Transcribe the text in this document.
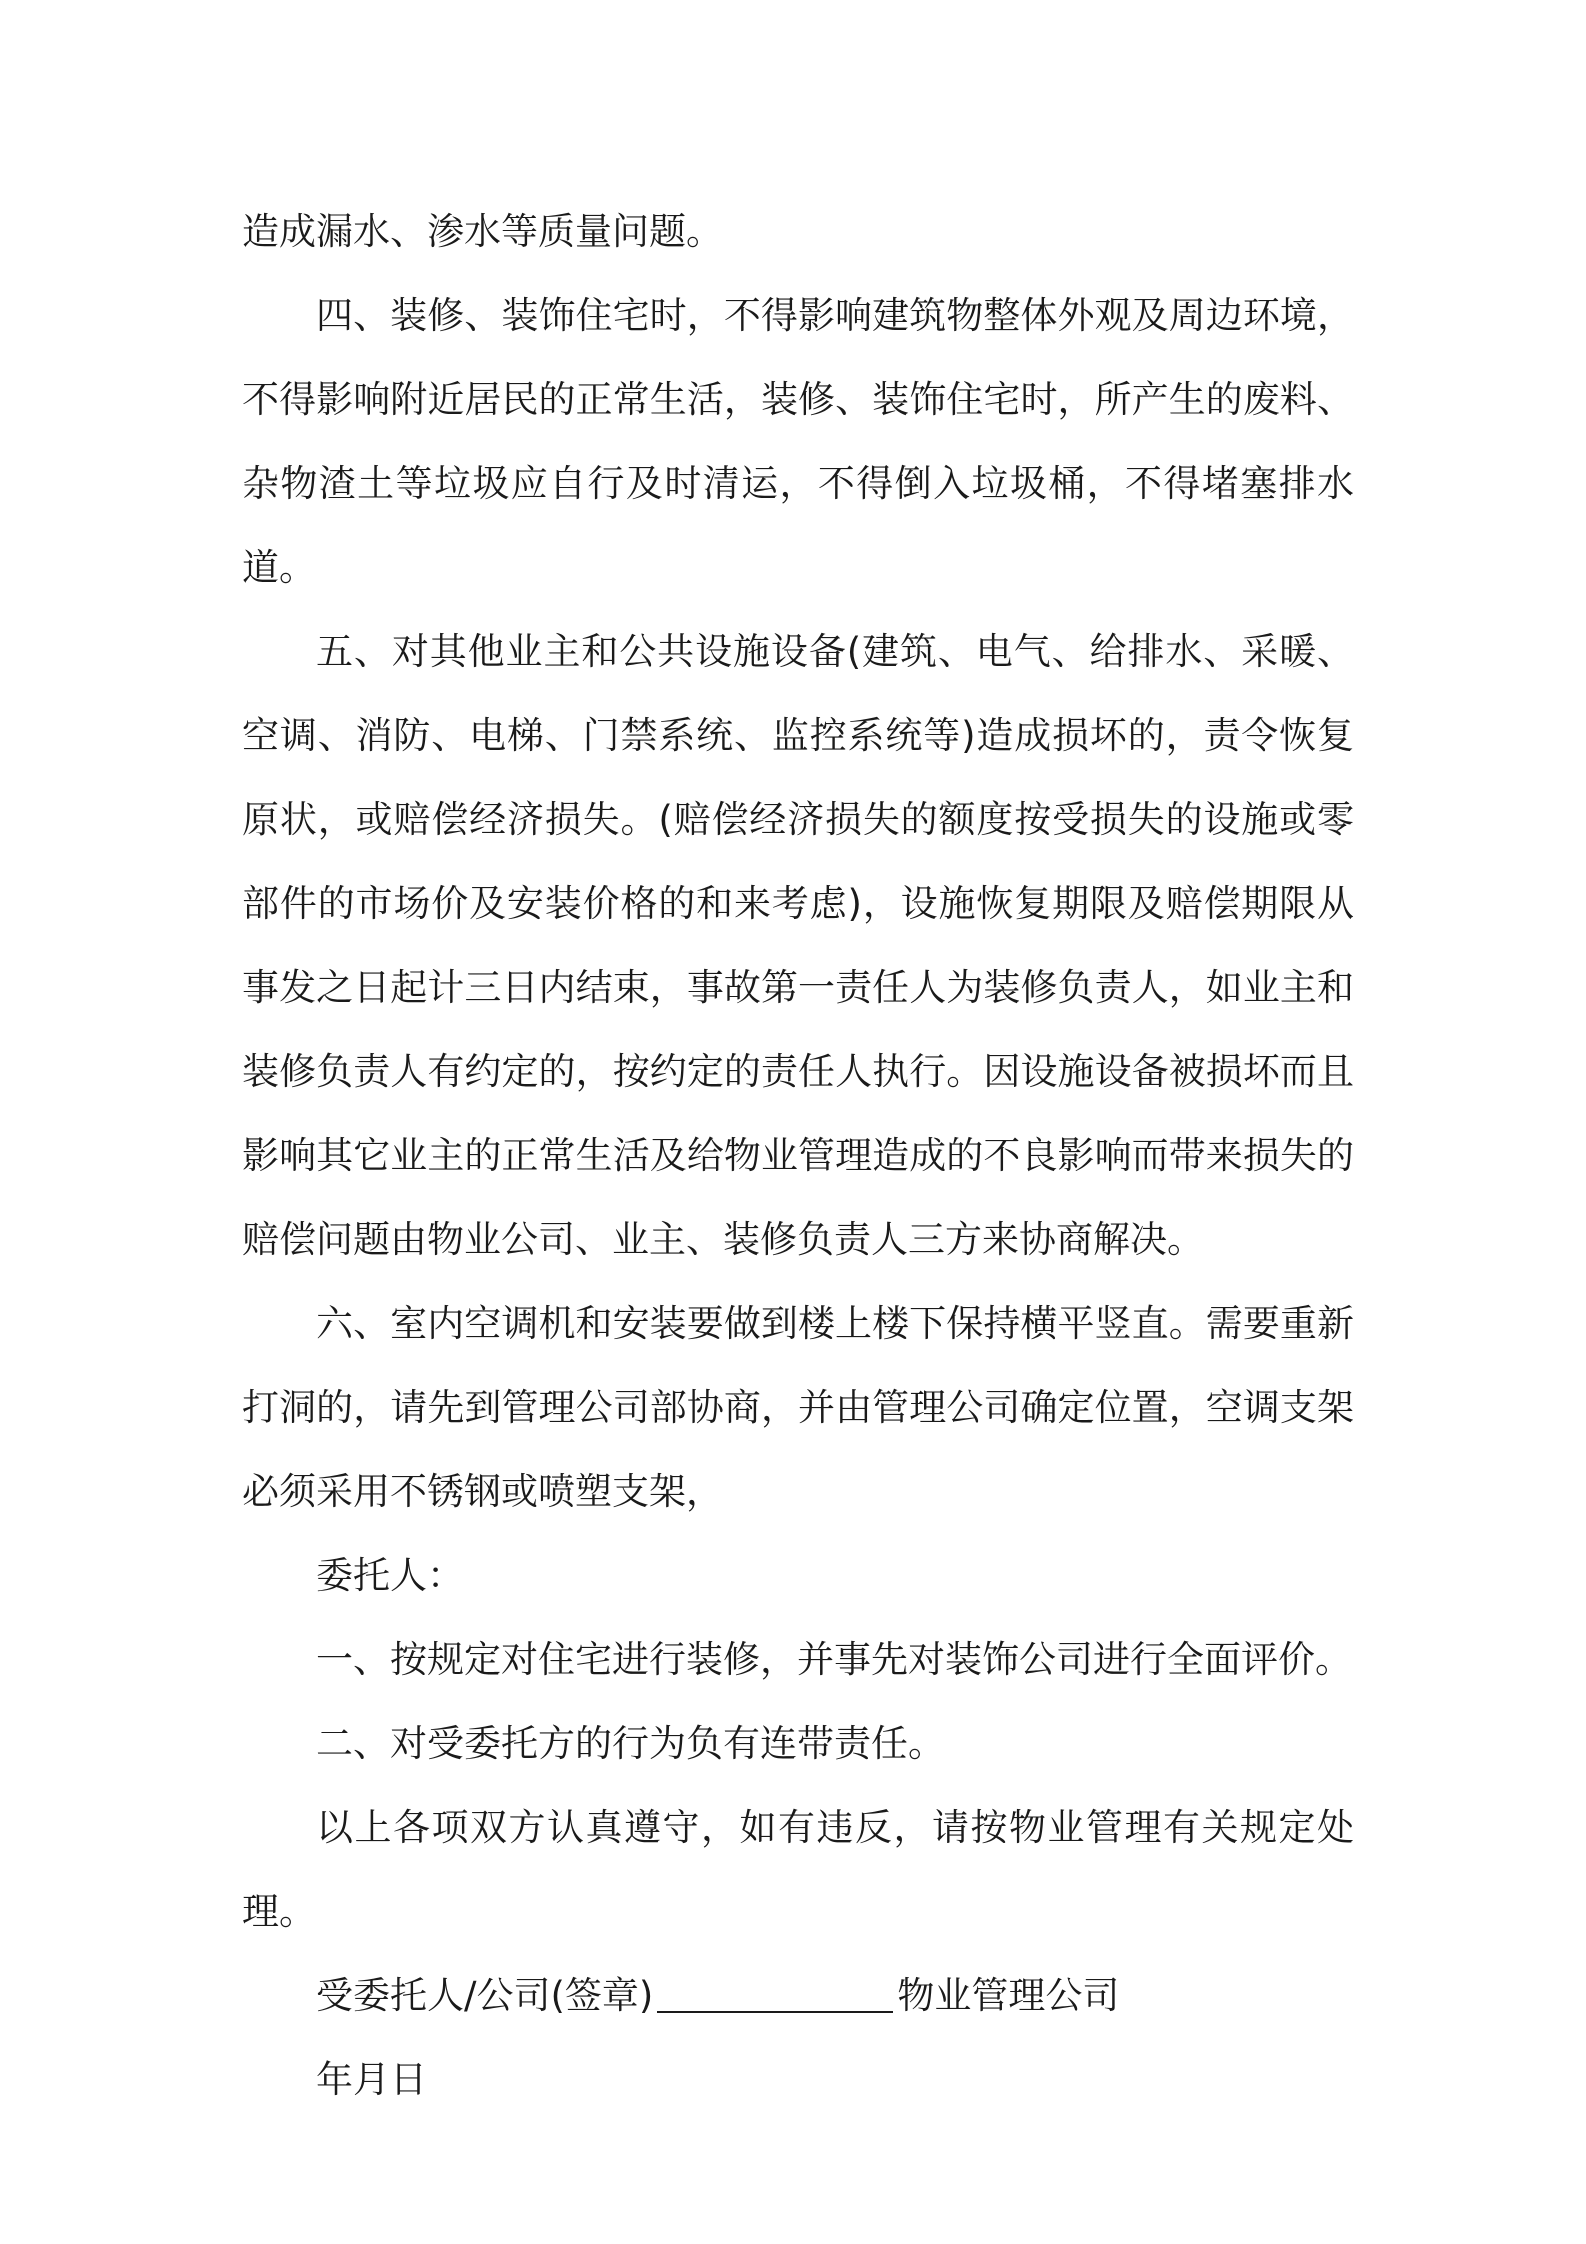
造成漏水、渗水等质量问题。

四、装修、装饰住宅时，不得影响建筑物整体外观及周边环境，不得影响附近居民的正常生活，装修、装饰住宅时，所产生的废料、杂物渣土等垃圾应自行及时清运，不得倒入垃圾桶，不得堵塞排水道。

五、对其他业主和公共设施设备(建筑、电气、给排水、采暖、空调、消防、电梯、门禁系统、监控系统等)造成损坏的，责令恢复原状，或赔偿经济损失。(赔偿经济损失的额度按受损失的设施或零部件的市场价及安装价格的和来考虑)，设施恢复期限及赔偿期限从事发之日起计三日内结束，事故第一责任人为装修负责人，如业主和装修负责人有约定的，按约定的责任人执行。因设施设备被损坏而且影响其它业主的正常生活及给物业管理造成的不良影响而带来损失的赔偿问题由物业公司、业主、装修负责人三方来协商解决。

六、室内空调机和安装要做到楼上楼下保持横平竖直。需要重新打洞的，请先到管理公司部协商，并由管理公司确定位置，空调支架必须采用不锈钢或喷塑支架，

委托人：

一、按规定对住宅进行装修，并事先对装饰公司进行全面评价。

二、对受委托方的行为负有连带责任。

以上各项双方认真遵守，如有违反，请按物业管理有关规定处理。

受委托人/公司(签章)	物业管理公司

年月日
